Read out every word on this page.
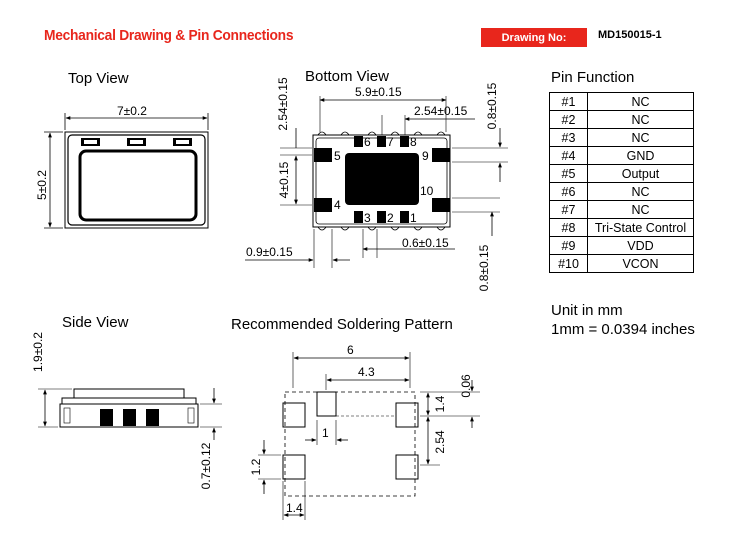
Mechanical Drawing & Pin Connections	Drawing No:	MD150015-1
Top View	Bottom View
Side View	Recommended Soldering Pattern
Pin Function
#1	NC
#2	NC
#3	NC
#4	GND
#5	Output
#6	NC
#7	NC
#8	Tri-State Control
#9	VDD
#10	VCON
Unit in mm
1mm = 0.0394 inches
7±0.2
5±0.2
2.54±0.15	5.9±0.15
2.54±0.15 0.8±0.15
4±0.15
0.9±0.15
0.6±0.15
0.8±0.15
6 7 8
5	9
10
4
3 2 1
1.9±0.2
0.7±0.12
6
4.3
1.4
0.06
2.54
1
1.2
1.4
